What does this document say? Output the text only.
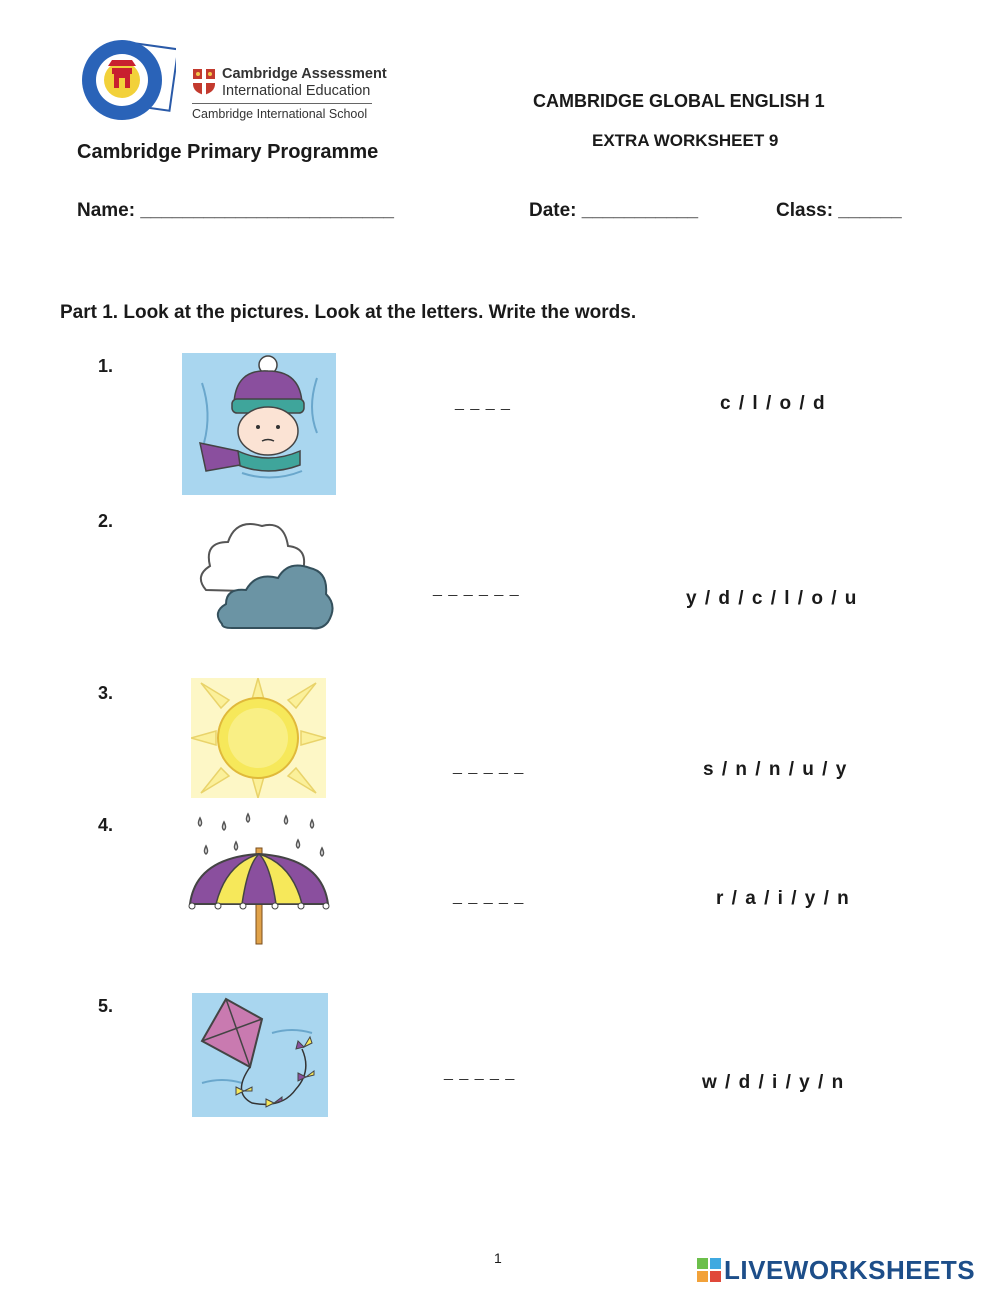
Cambridge Assessment
International Education
Cambridge International School
Cambridge Primary Programme
CAMBRIDGE GLOBAL ENGLISH 1
EXTRA WORKSHEET 9
Name: ________________________	Date: ___________	Class: ______
Part 1. Look at the pictures. Look at the letters. Write the words.
1.
_ _ _ _	c / l / o / d
2.
_ _ _ _ _ _	y / d / c / l / o / u
3.
_ _ _ _ _	s / n / n / u / y
4.
_ _ _ _ _	r / a / i / y / n
5.
_ _ _ _ _	w / d / i / y / n
1	LIVEWORKSHEETS
